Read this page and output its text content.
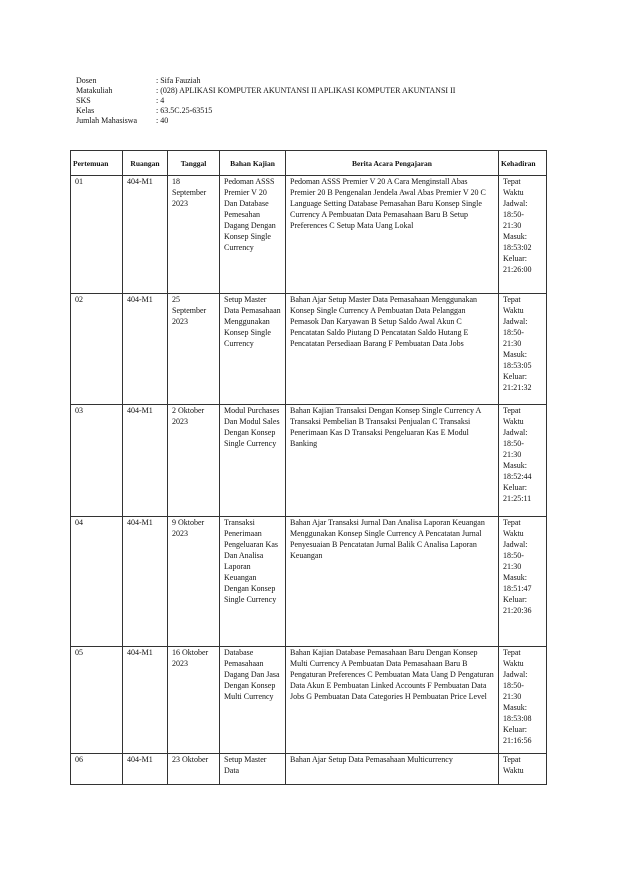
Dosen	: Sifa Fauziah
Matakuliah	: (028) APLIKASI KOMPUTER AKUNTANSI II APLIKASI KOMPUTER AKUNTANSI II
SKS	: 4
Kelas	: 63.5C.25-63515
Jumlah Mahasiswa	: 40
Pertemuan	Ruangan	Tanggal	Bahan Kajian	Berita Acara Pengajaran	Kehadiran
01	404-M1	18 September 2023	Pedoman ASSS Premier V 20 Dan Database Pemesahan Dagang Dengan Konsep Single Currency	Pedoman ASSS Premier V 20 A Cara Menginstall Abas Premier 20 B Pengenalan Jendela Awal Abas Premier V 20 C Language Setting Database Pemasahan Baru Konsep Single Currency A Pembuatan Data Pemasahaan Baru B Setup Preferences C Setup Mata Uang Lokal	Tepat Waktu Jadwal: 18:50-21:30 Masuk: 18:53:02 Keluar: 21:26:00
02	404-M1	25 September 2023	Setup Master Data Pemasahaan Menggunakan Konsep Single Currency	Bahan Ajar Setup Master Data Pemasahaan Menggunakan Konsep Single Currency A Pembuatan Data Pelanggan Pemasok Dan Karyawan B Setup Saldo Awal Akun C Pencatatan Saldo Piutang D Pencatatan Saldo Hutang E Pencatatan Persediaan Barang F Pembuatan Data Jobs	Tepat Waktu Jadwal: 18:50-21:30 Masuk: 18:53:05 Keluar: 21:21:32
03	404-M1	2 Oktober 2023	Modul Purchases Dan Modul Sales Dengan Konsep Single Currency	Bahan Kajian Transaksi Dengan Konsep Single Currency A Transaksi Pembelian B Transaksi Penjualan C Transaksi Penerimaan Kas D Transaksi Pengeluaran Kas E Modul Banking	Tepat Waktu Jadwal: 18:50-21:30 Masuk: 18:52:44 Keluar: 21:25:11
04	404-M1	9 Oktober 2023	Transaksi Penerimaan Pengeluaran Kas Dan Analisa Laporan Keuangan Dengan Konsep Single Currency	Bahan Ajar Transaksi Jurnal Dan Analisa Laporan Keuangan Menggunakan Konsep Single Currency A Pencatatan Jurnal Penyesuaian B Pencatatan Jurnal Balik C Analisa Laporan Keuangan	Tepat Waktu Jadwal: 18:50-21:30 Masuk: 18:51:47 Keluar: 21:20:36
05	404-M1	16 Oktober 2023	Database Pemasahaan Dagang Dan Jasa Dengan Konsep Multi Currency	Bahan Kajian Database Pemasahaan Baru Dengan Konsep Multi Currency A Pembuatan Data Pemasahaan Baru B Pengaturan Preferences C Pembuatan Mata Uang D Pengaturan Data Akun E Pembuatan Linked Accounts F Pembuatan Data Jobs G Pembuatan Data Categories H Pembuatan Price Level	Tepat Waktu Jadwal: 18:50-21:30 Masuk: 18:53:08 Keluar: 21:16:56
06	404-M1	23 Oktober	Setup Master Data	Bahan Ajar Setup Data Pemasahaan Multicurrency	Tepat Waktu
